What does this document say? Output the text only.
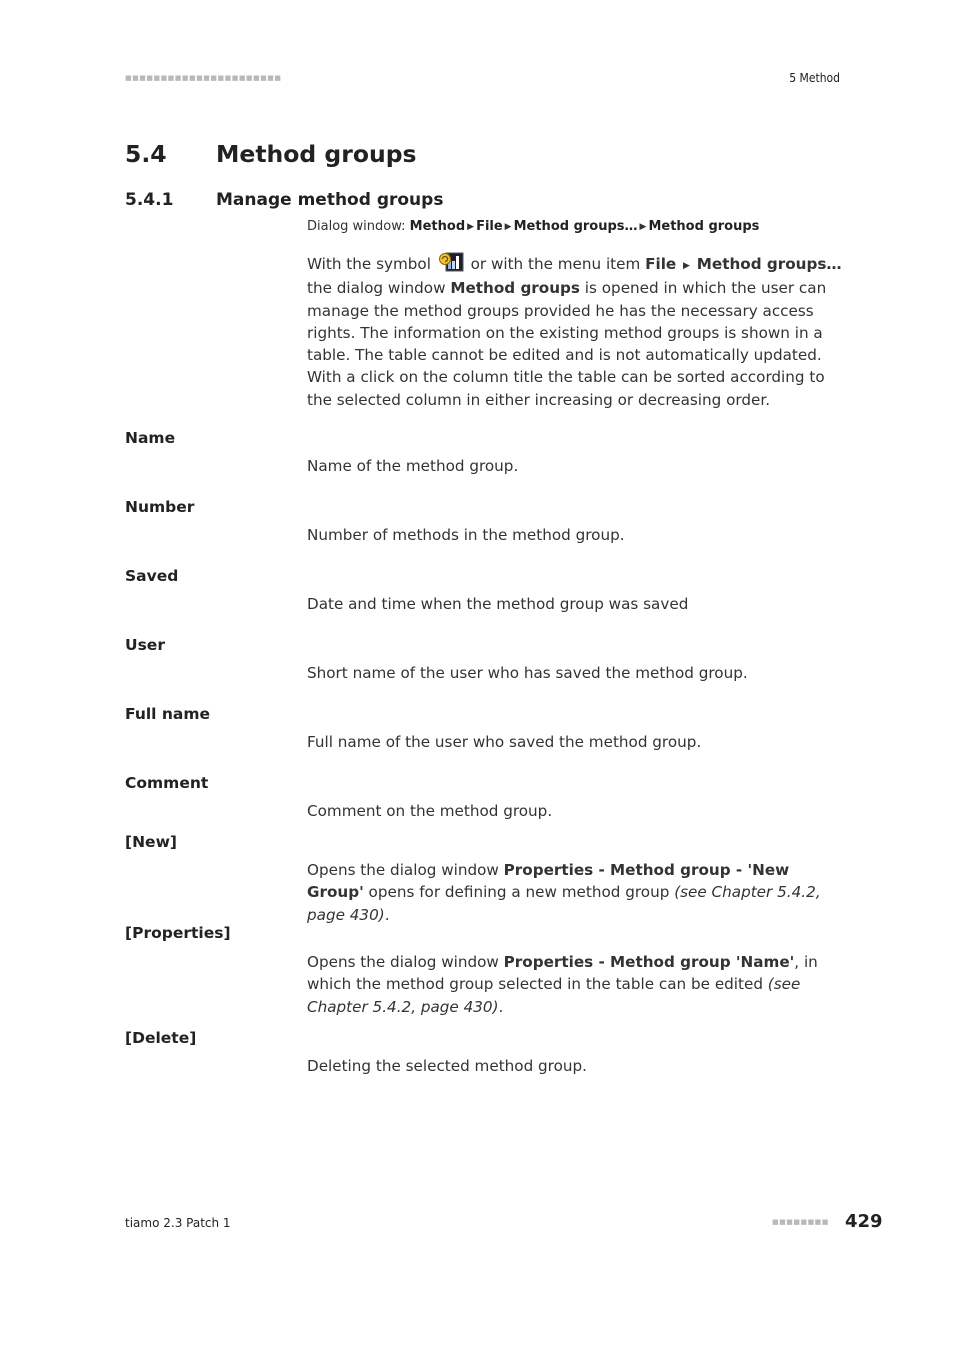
■■■■■■■■■■■■■■■■■■■■■■	5 Method
5.4 Method groups
5.4.1	Manage method groups
Dialog window: Method ▶ File ▶ Method groups… ▶ Method groups
With the symbol  or with the menu item File ▶ Method groups… the dialog window Method groups is opened in which the user can manage the method groups provided he has the necessary access rights. The information on the existing method groups is shown in a table. The table cannot be edited and is not automatically updated. With a click on the column title the table can be sorted according to the selected column in either increasing or decreasing order.
Name
Name of the method group.
Number
Number of methods in the method group.
Saved
Date and time when the method group was saved
User
Short name of the user who has saved the method group.
Full name
Full name of the user who saved the method group.
Comment
Comment on the method group.
[New]
Opens the dialog window Properties - Method group - 'New Group' opens for defining a new method group (see Chapter 5.4.2, page 430).
[Properties]
Opens the dialog window Properties - Method group 'Name', in which the method group selected in the table can be edited (see Chapter 5.4.2, page 430).
[Delete]
Deleting the selected method group.
tiamo 2.3 Patch 1	■■■■■■■■ 429
